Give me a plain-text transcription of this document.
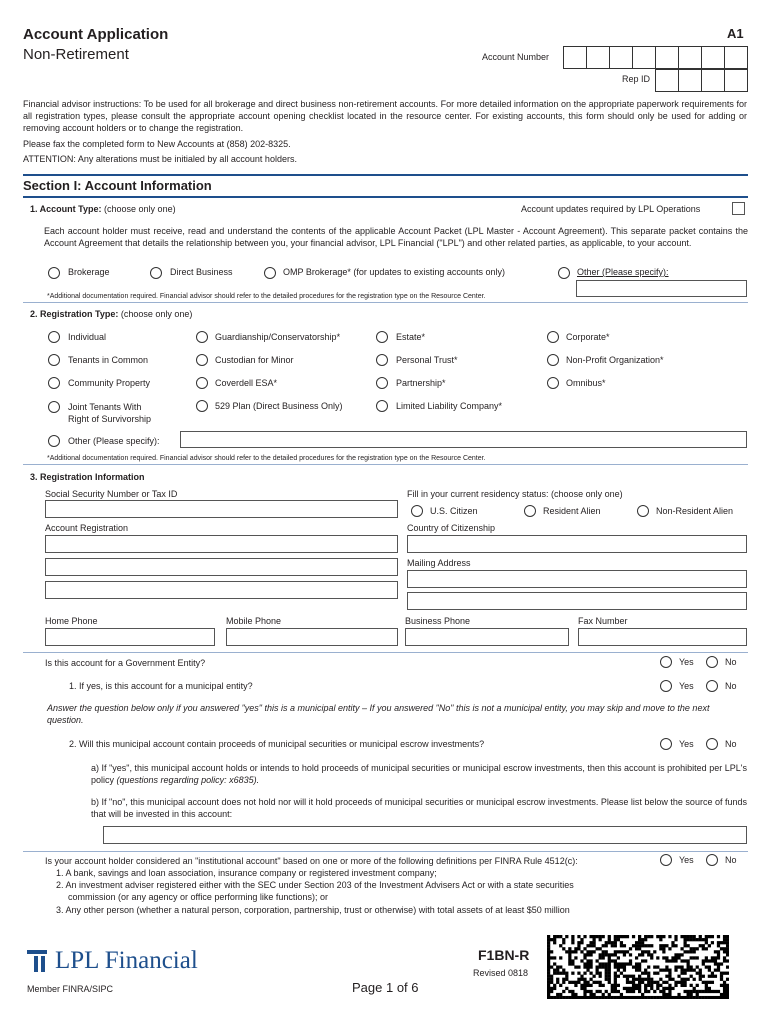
Account Application
Non-Retirement
A1
Account Number
Rep ID
Financial advisor instructions: To be used for all brokerage and direct business non-retirement accounts. For more detailed information on the appropriate paperwork requirements for all registration types, please consult the appropriate account opening checklist located in the resource center. For existing accounts, this form should only be used for adding or removing account holders or to change the registration.
Please fax the completed form to New Accounts at (858) 202-8325.
ATTENTION: Any alterations must be initialed by all account holders.
Section I: Account Information
1. Account Type: (choose only one)	Account updates required by LPL Operations
Each account holder must receive, read and understand the contents of the applicable Account Packet (LPL Master - Account Agreement). This separate packet contains the Account Agreement that details the relationship between you, your financial advisor, LPL Financial ("LPL") and other related parties, as applicable, to your account.
Brokerage	Direct Business	OMP Brokerage* (for updates to existing accounts only)	Other (Please specify):
*Additional documentation required. Financial advisor should refer to the detailed procedures for the registration type on the Resource Center.
2. Registration Type: (choose only one)
Individual	Guardianship/Conservatorship*	Estate*	Corporate*
Tenants in Common	Custodian for Minor	Personal Trust*	Non-Profit Organization*
Community Property	Coverdell ESA*	Partnership*	Omnibus*
Joint Tenants With
Right of Survivorship
529 Plan (Direct Business Only)	Limited Liability Company*
Other (Please specify):
*Additional documentation required. Financial advisor should refer to the detailed procedures for the registration type on the Resource Center.
3. Registration Information
Social Security Number or Tax ID	Fill in your current residency status: (choose only one)
U.S. Citizen	Resident Alien	Non-Resident Alien
Account Registration	Country of Citizenship
Mailing Address
Home Phone	Mobile Phone	Business Phone	Fax Number
Is this account for a Government Entity?	Yes	No
1. If yes, is this account for a municipal entity?	Yes	No
Answer the question below only if you answered "yes" this is a municipal entity – If you answered "No" this is not a municipal entity, you may skip and move to the next question.
2. Will this municipal account contain proceeds of municipal securities or municipal escrow investments?	Yes	No
a) If "yes", this municipal account holds or intends to hold proceeds of municipal securities or municipal escrow investments, then this account is prohibited per LPL's policy (questions regarding policy: x6835).
b) If "no", this municipal account does not hold nor will it hold proceeds of municipal securities or municipal escrow investments. Please list below the source of funds that will be invested in this account:
Is your account holder considered an "institutional account" based on one or more of the following definitions per FINRA Rule 4512(c):	Yes	No
1. A bank, savings and loan association, insurance company or registered investment company;
2. An investment adviser registered either with the SEC under Section 203 of the Investment Advisers Act or with a state securities
commission (or any agency or office performing like functions); or
3. Any other person (whether a natural person, corporation, partnership, trust or otherwise) with total assets of at least $50 million
LPL Financial
Member FINRA/SIPC	Page 1 of 6
F1BN-R
Revised 0818
